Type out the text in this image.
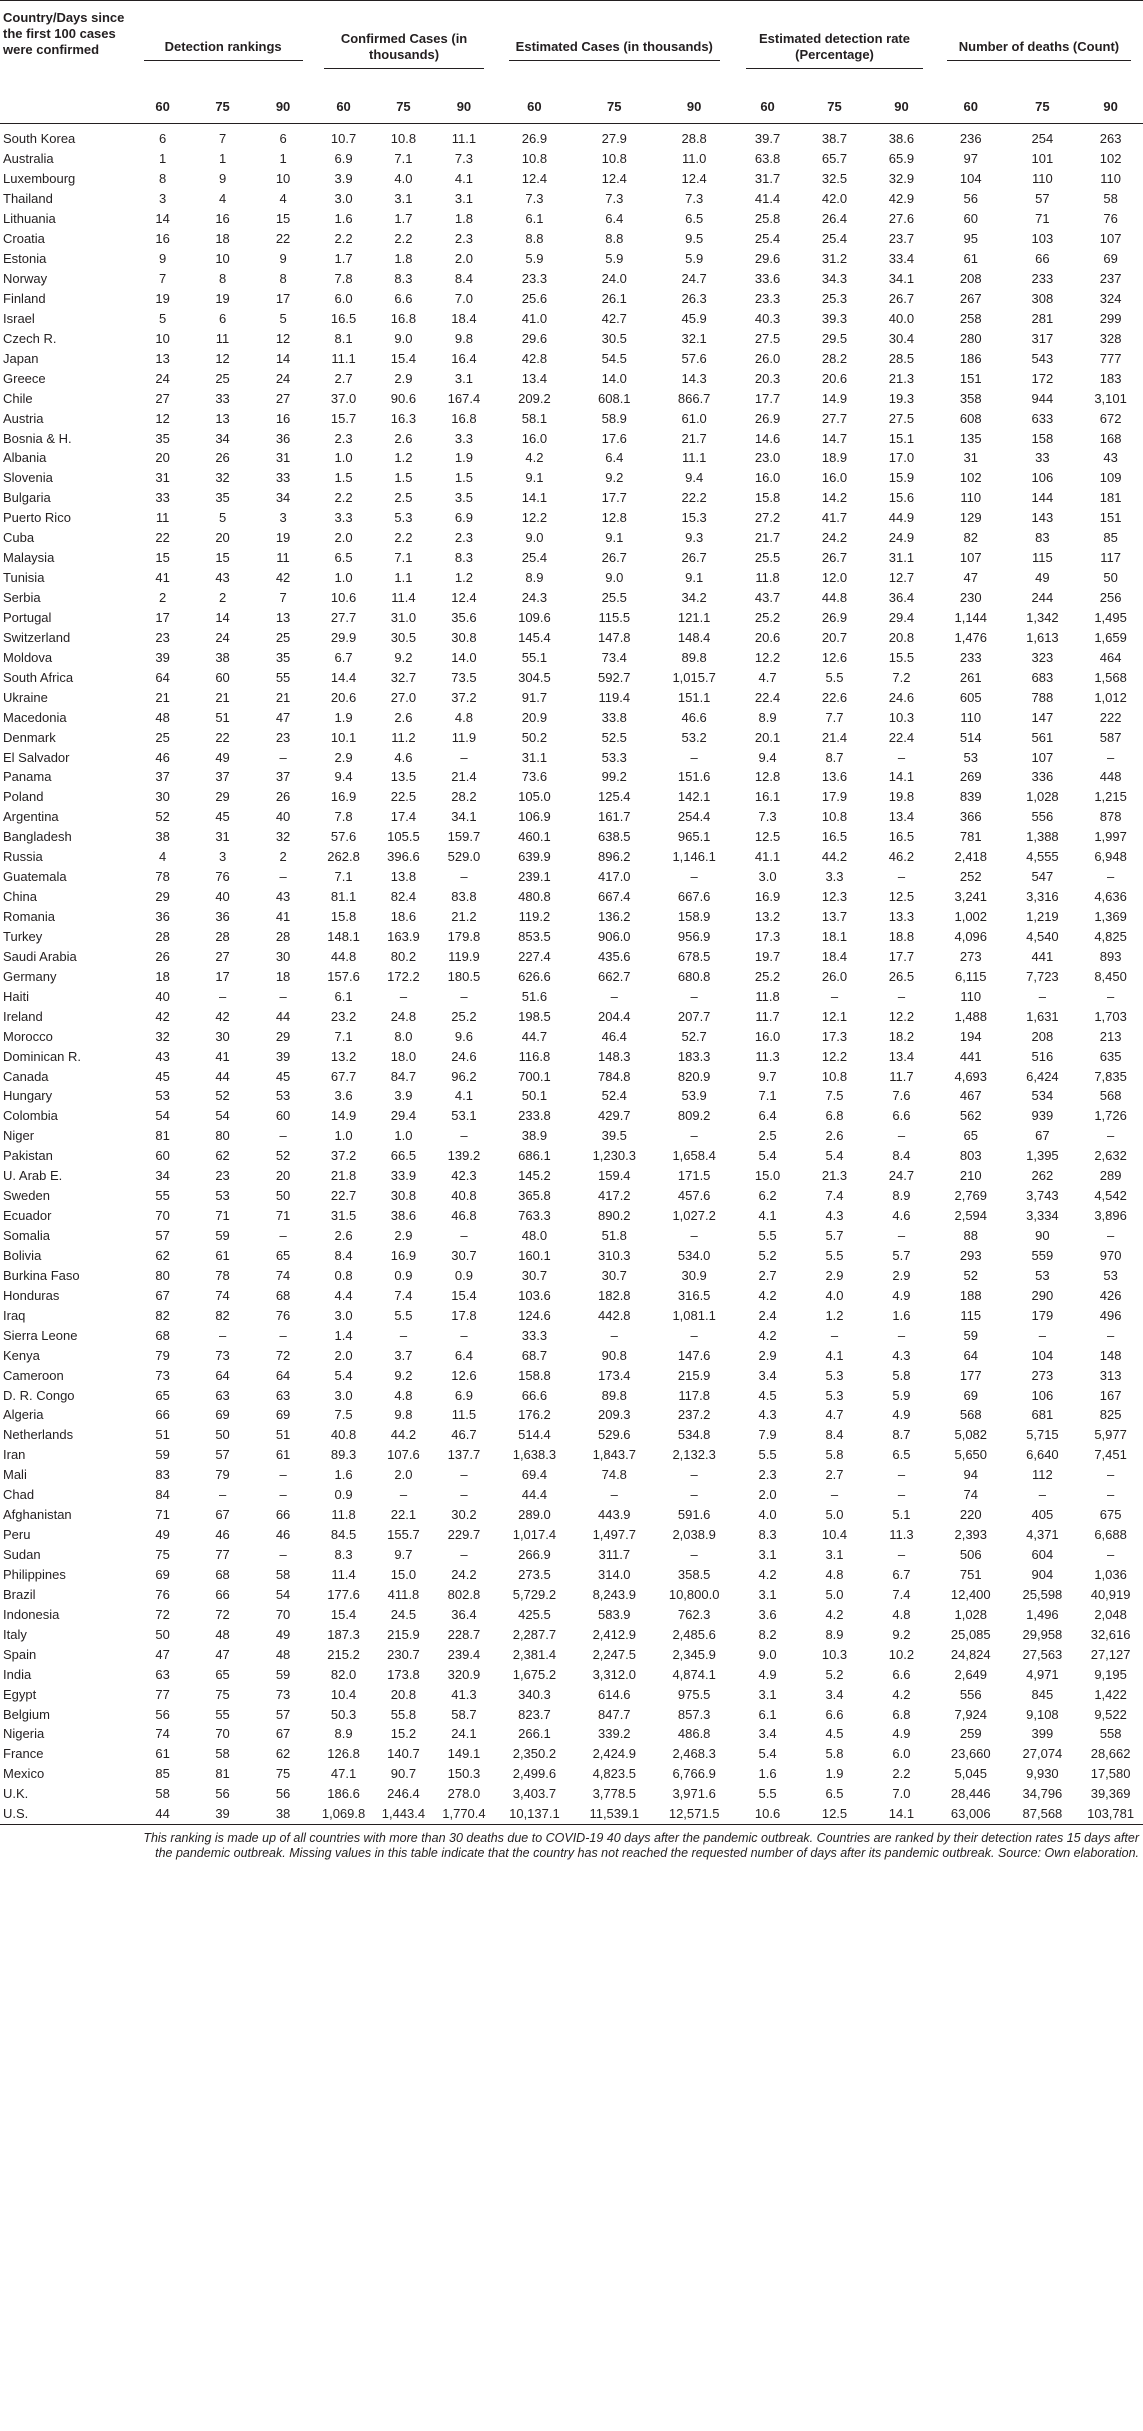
Country/Days since the first 100 cases were confirmed	Detection rankings			Confirmed Cases (in thousands)			Estimated Cases (in thousands)			Estimated detection rate (Percentage)			Number of deaths (Count)		
	60	75	90	60	75	90	60	75	90	60	75	90	60	75	90
South Korea	6	7	6	10.7	10.8	11.1	26.9	27.9	28.8	39.7	38.7	38.6	236	254	263
Australia	1	1	1	6.9	7.1	7.3	10.8	10.8	11.0	63.8	65.7	65.9	97	101	102
Luxembourg	8	9	10	3.9	4.0	4.1	12.4	12.4	12.4	31.7	32.5	32.9	104	110	110
Thailand	3	4	4	3.0	3.1	3.1	7.3	7.3	7.3	41.4	42.0	42.9	56	57	58
Lithuania	14	16	15	1.6	1.7	1.8	6.1	6.4	6.5	25.8	26.4	27.6	60	71	76
Croatia	16	18	22	2.2	2.2	2.3	8.8	8.8	9.5	25.4	25.4	23.7	95	103	107
Estonia	9	10	9	1.7	1.8	2.0	5.9	5.9	5.9	29.6	31.2	33.4	61	66	69
Norway	7	8	8	7.8	8.3	8.4	23.3	24.0	24.7	33.6	34.3	34.1	208	233	237
Finland	19	19	17	6.0	6.6	7.0	25.6	26.1	26.3	23.3	25.3	26.7	267	308	324
Israel	5	6	5	16.5	16.8	18.4	41.0	42.7	45.9	40.3	39.3	40.0	258	281	299
Czech R.	10	11	12	8.1	9.0	9.8	29.6	30.5	32.1	27.5	29.5	30.4	280	317	328
Japan	13	12	14	11.1	15.4	16.4	42.8	54.5	57.6	26.0	28.2	28.5	186	543	777
Greece	24	25	24	2.7	2.9	3.1	13.4	14.0	14.3	20.3	20.6	21.3	151	172	183
Chile	27	33	27	37.0	90.6	167.4	209.2	608.1	866.7	17.7	14.9	19.3	358	944	3,101
Austria	12	13	16	15.7	16.3	16.8	58.1	58.9	61.0	26.9	27.7	27.5	608	633	672
Bosnia & H.	35	34	36	2.3	2.6	3.3	16.0	17.6	21.7	14.6	14.7	15.1	135	158	168
Albania	20	26	31	1.0	1.2	1.9	4.2	6.4	11.1	23.0	18.9	17.0	31	33	43
Slovenia	31	32	33	1.5	1.5	1.5	9.1	9.2	9.4	16.0	16.0	15.9	102	106	109
Bulgaria	33	35	34	2.2	2.5	3.5	14.1	17.7	22.2	15.8	14.2	15.6	110	144	181
Puerto Rico	11	5	3	3.3	5.3	6.9	12.2	12.8	15.3	27.2	41.7	44.9	129	143	151
Cuba	22	20	19	2.0	2.2	2.3	9.0	9.1	9.3	21.7	24.2	24.9	82	83	85
Malaysia	15	15	11	6.5	7.1	8.3	25.4	26.7	26.7	25.5	26.7	31.1	107	115	117
Tunisia	41	43	42	1.0	1.1	1.2	8.9	9.0	9.1	11.8	12.0	12.7	47	49	50
Serbia	2	2	7	10.6	11.4	12.4	24.3	25.5	34.2	43.7	44.8	36.4	230	244	256
Portugal	17	14	13	27.7	31.0	35.6	109.6	115.5	121.1	25.2	26.9	29.4	1,144	1,342	1,495
Switzerland	23	24	25	29.9	30.5	30.8	145.4	147.8	148.4	20.6	20.7	20.8	1,476	1,613	1,659
Moldova	39	38	35	6.7	9.2	14.0	55.1	73.4	89.8	12.2	12.6	15.5	233	323	464
South Africa	64	60	55	14.4	32.7	73.5	304.5	592.7	1,015.7	4.7	5.5	7.2	261	683	1,568
Ukraine	21	21	21	20.6	27.0	37.2	91.7	119.4	151.1	22.4	22.6	24.6	605	788	1,012
Macedonia	48	51	47	1.9	2.6	4.8	20.9	33.8	46.6	8.9	7.7	10.3	110	147	222
Denmark	25	22	23	10.1	11.2	11.9	50.2	52.5	53.2	20.1	21.4	22.4	514	561	587
El Salvador	46	49	–	2.9	4.6	–	31.1	53.3	–	9.4	8.7	–	53	107	–
Panama	37	37	37	9.4	13.5	21.4	73.6	99.2	151.6	12.8	13.6	14.1	269	336	448
Poland	30	29	26	16.9	22.5	28.2	105.0	125.4	142.1	16.1	17.9	19.8	839	1,028	1,215
Argentina	52	45	40	7.8	17.4	34.1	106.9	161.7	254.4	7.3	10.8	13.4	366	556	878
Bangladesh	38	31	32	57.6	105.5	159.7	460.1	638.5	965.1	12.5	16.5	16.5	781	1,388	1,997
Russia	4	3	2	262.8	396.6	529.0	639.9	896.2	1,146.1	41.1	44.2	46.2	2,418	4,555	6,948
Guatemala	78	76	–	7.1	13.8	–	239.1	417.0	–	3.0	3.3	–	252	547	–
China	29	40	43	81.1	82.4	83.8	480.8	667.4	667.6	16.9	12.3	12.5	3,241	3,316	4,636
Romania	36	36	41	15.8	18.6	21.2	119.2	136.2	158.9	13.2	13.7	13.3	1,002	1,219	1,369
Turkey	28	28	28	148.1	163.9	179.8	853.5	906.0	956.9	17.3	18.1	18.8	4,096	4,540	4,825
Saudi Arabia	26	27	30	44.8	80.2	119.9	227.4	435.6	678.5	19.7	18.4	17.7	273	441	893
Germany	18	17	18	157.6	172.2	180.5	626.6	662.7	680.8	25.2	26.0	26.5	6,115	7,723	8,450
Haiti	40	–	–	6.1	–	–	51.6	–	–	11.8	–	–	110	–	–
Ireland	42	42	44	23.2	24.8	25.2	198.5	204.4	207.7	11.7	12.1	12.2	1,488	1,631	1,703
Morocco	32	30	29	7.1	8.0	9.6	44.7	46.4	52.7	16.0	17.3	18.2	194	208	213
Dominican R.	43	41	39	13.2	18.0	24.6	116.8	148.3	183.3	11.3	12.2	13.4	441	516	635
Canada	45	44	45	67.7	84.7	96.2	700.1	784.8	820.9	9.7	10.8	11.7	4,693	6,424	7,835
Hungary	53	52	53	3.6	3.9	4.1	50.1	52.4	53.9	7.1	7.5	7.6	467	534	568
Colombia	54	54	60	14.9	29.4	53.1	233.8	429.7	809.2	6.4	6.8	6.6	562	939	1,726
Niger	81	80	–	1.0	1.0	–	38.9	39.5	–	2.5	2.6	–	65	67	–
Pakistan	60	62	52	37.2	66.5	139.2	686.1	1,230.3	1,658.4	5.4	5.4	8.4	803	1,395	2,632
U. Arab E.	34	23	20	21.8	33.9	42.3	145.2	159.4	171.5	15.0	21.3	24.7	210	262	289
Sweden	55	53	50	22.7	30.8	40.8	365.8	417.2	457.6	6.2	7.4	8.9	2,769	3,743	4,542
Ecuador	70	71	71	31.5	38.6	46.8	763.3	890.2	1,027.2	4.1	4.3	4.6	2,594	3,334	3,896
Somalia	57	59	–	2.6	2.9	–	48.0	51.8	–	5.5	5.7	–	88	90	–
Bolivia	62	61	65	8.4	16.9	30.7	160.1	310.3	534.0	5.2	5.5	5.7	293	559	970
Burkina Faso	80	78	74	0.8	0.9	0.9	30.7	30.7	30.9	2.7	2.9	2.9	52	53	53
Honduras	67	74	68	4.4	7.4	15.4	103.6	182.8	316.5	4.2	4.0	4.9	188	290	426
Iraq	82	82	76	3.0	5.5	17.8	124.6	442.8	1,081.1	2.4	1.2	1.6	115	179	496
Sierra Leone	68	–	–	1.4	–	–	33.3	–	–	4.2	–	–	59	–	–
Kenya	79	73	72	2.0	3.7	6.4	68.7	90.8	147.6	2.9	4.1	4.3	64	104	148
Cameroon	73	64	64	5.4	9.2	12.6	158.8	173.4	215.9	3.4	5.3	5.8	177	273	313
D. R. Congo	65	63	63	3.0	4.8	6.9	66.6	89.8	117.8	4.5	5.3	5.9	69	106	167
Algeria	66	69	69	7.5	9.8	11.5	176.2	209.3	237.2	4.3	4.7	4.9	568	681	825
Netherlands	51	50	51	40.8	44.2	46.7	514.4	529.6	534.8	7.9	8.4	8.7	5,082	5,715	5,977
Iran	59	57	61	89.3	107.6	137.7	1,638.3	1,843.7	2,132.3	5.5	5.8	6.5	5,650	6,640	7,451
Mali	83	79	–	1.6	2.0	–	69.4	74.8	–	2.3	2.7	–	94	112	–
Chad	84	–	–	0.9	–	–	44.4	–	–	2.0	–	–	74	–	–
Afghanistan	71	67	66	11.8	22.1	30.2	289.0	443.9	591.6	4.0	5.0	5.1	220	405	675
Peru	49	46	46	84.5	155.7	229.7	1,017.4	1,497.7	2,038.9	8.3	10.4	11.3	2,393	4,371	6,688
Sudan	75	77	–	8.3	9.7	–	266.9	311.7	–	3.1	3.1	–	506	604	–
Philippines	69	68	58	11.4	15.0	24.2	273.5	314.0	358.5	4.2	4.8	6.7	751	904	1,036
Brazil	76	66	54	177.6	411.8	802.8	5,729.2	8,243.9	10,800.0	3.1	5.0	7.4	12,400	25,598	40,919
Indonesia	72	72	70	15.4	24.5	36.4	425.5	583.9	762.3	3.6	4.2	4.8	1,028	1,496	2,048
Italy	50	48	49	187.3	215.9	228.7	2,287.7	2,412.9	2,485.6	8.2	8.9	9.2	25,085	29,958	32,616
Spain	47	47	48	215.2	230.7	239.4	2,381.4	2,247.5	2,345.9	9.0	10.3	10.2	24,824	27,563	27,127
India	63	65	59	82.0	173.8	320.9	1,675.2	3,312.0	4,874.1	4.9	5.2	6.6	2,649	4,971	9,195
Egypt	77	75	73	10.4	20.8	41.3	340.3	614.6	975.5	3.1	3.4	4.2	556	845	1,422
Belgium	56	55	57	50.3	55.8	58.7	823.7	847.7	857.3	6.1	6.6	6.8	7,924	9,108	9,522
Nigeria	74	70	67	8.9	15.2	24.1	266.1	339.2	486.8	3.4	4.5	4.9	259	399	558
France	61	58	62	126.8	140.7	149.1	2,350.2	2,424.9	2,468.3	5.4	5.8	6.0	23,660	27,074	28,662
Mexico	85	81	75	47.1	90.7	150.3	2,499.6	4,823.5	6,766.9	1.6	1.9	2.2	5,045	9,930	17,580
U.K.	58	56	56	186.6	246.4	278.0	3,403.7	3,778.5	3,971.6	5.5	6.5	7.0	28,446	34,796	39,369
U.S.	44	39	38	1,069.8	1,443.4	1,770.4	10,137.1	11,539.1	12,571.5	10.6	12.5	14.1	63,006	87,568	103,781

This ranking is made up of all countries with more than 30 deaths due to COVID-19 40 days after the pandemic outbreak. Countries are ranked by their detection rates 15 days after

the pandemic outbreak. Missing values in this table indicate that the country has not reached the requested number of days after its pandemic outbreak. Source: Own elaboration.
